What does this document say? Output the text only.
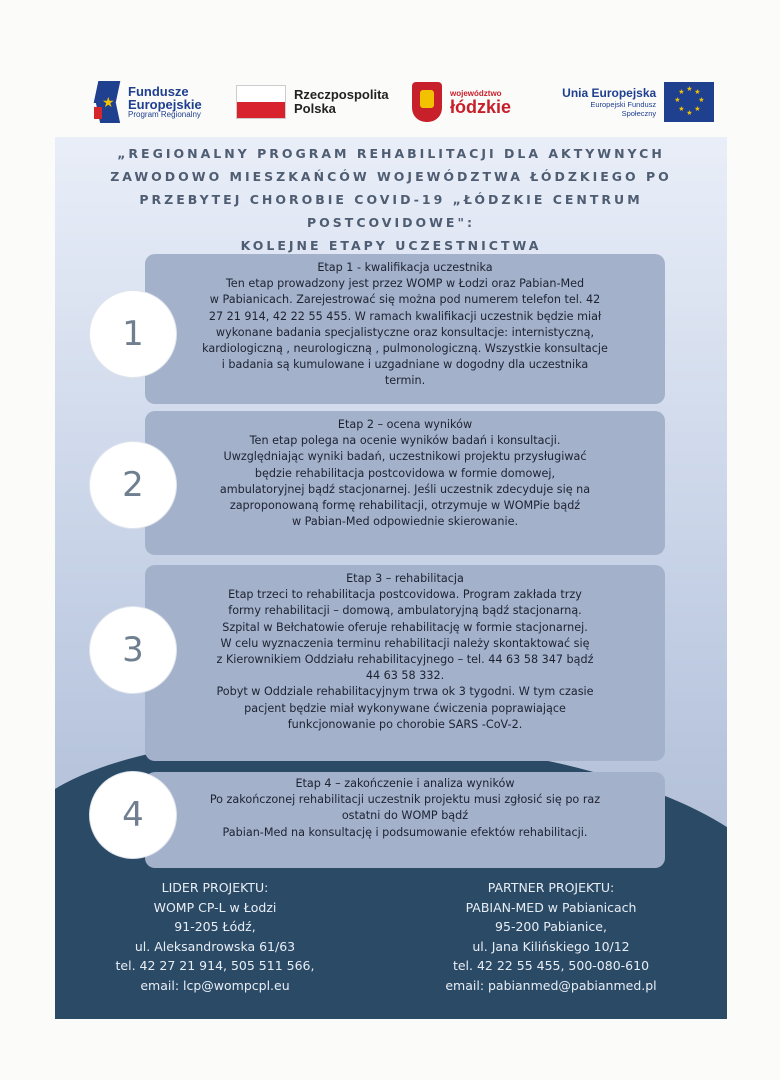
★
Fundusze
Europejskie
Program Regionalny
Rzeczpospolita
Polska
województwo
łódzkie
Unia Europejska
Europejski Fundusz Społeczny
★ ★
★
★
★
★
★
★
„REGIONALNY PROGRAM REHABILITACJI DLA AKTYWNYCH
ZAWODOWO MIESZKAŃCÓW WOJEWÓDZTWA ŁÓDZKIEGO PO
PRZEBYTEJ CHOROBIE COVID-19 „ŁÓDZKIE CENTRUM
POSTCOVIDOWE":
KOLEJNE ETAPY UCZESTNICTWA
Etap 1 - kwalifikacja uczestnika
Ten etap prowadzony jest przez WOMP w Łodzi oraz Pabian-Med
w Pabianicach. Zarejestrować się można pod numerem telefon tel. 42
27 21 914, 42 22 55 455. W ramach kwalifikacji uczestnik będzie miał
wykonane badania specjalistyczne oraz konsultacje: internistyczną,
kardiologiczną , neurologiczną , pulmonologiczną. Wszystkie konsultacje
i badania są kumulowane i uzgadniane w dogodny dla uczestnika
termin.
1
Etap 2 – ocena wyników
Ten etap polega na ocenie wyników badań i konsultacji.
Uwzględniając wyniki badań, uczestnikowi projektu przysługiwać
będzie rehabilitacja postcovidowa w formie domowej,
ambulatoryjnej bądź stacjonarnej. Jeśli uczestnik zdecyduje się na
zaproponowaną formę rehabilitacji, otrzymuje w WOMPie bądź
w Pabian-Med odpowiednie skierowanie.
2
Etap 3 – rehabilitacja
Etap trzeci to rehabilitacja postcovidowa. Program zakłada trzy
formy rehabilitacji – domową, ambulatoryjną bądź stacjonarną.
Szpital w Bełchatowie oferuje rehabilitację w formie stacjonarnej.
W celu wyznaczenia terminu rehabilitacji należy skontaktować się
z Kierownikiem Oddziału rehabilitacyjnego – tel. 44 63 58 347 bądź
44 63 58 332.
Pobyt w Oddziale rehabilitacyjnym trwa ok 3 tygodni. W tym czasie
pacjent będzie miał wykonywane ćwiczenia poprawiające
funkcjonowanie po chorobie SARS -CoV-2.
3
Etap 4 – zakończenie i analiza wyników
Po zakończonej rehabilitacji uczestnik projektu musi zgłosić się po raz
ostatni do WOMP bądź
Pabian-Med na konsultację i podsumowanie efektów rehabilitacji.
4
LIDER PROJEKTU:
WOMP CP-L w Łodzi
91-205 Łódź,
ul. Aleksandrowska 61/63
tel. 42 27 21 914, 505 511 566,
email: lcp@wompcpl.eu
PARTNER PROJEKTU:
PABIAN-MED w Pabianicach
95-200 Pabianice,
ul. Jana Kilińskiego 10/12
tel. 42 22 55 455, 500-080-610
email: pabianmed@pabianmed.pl
